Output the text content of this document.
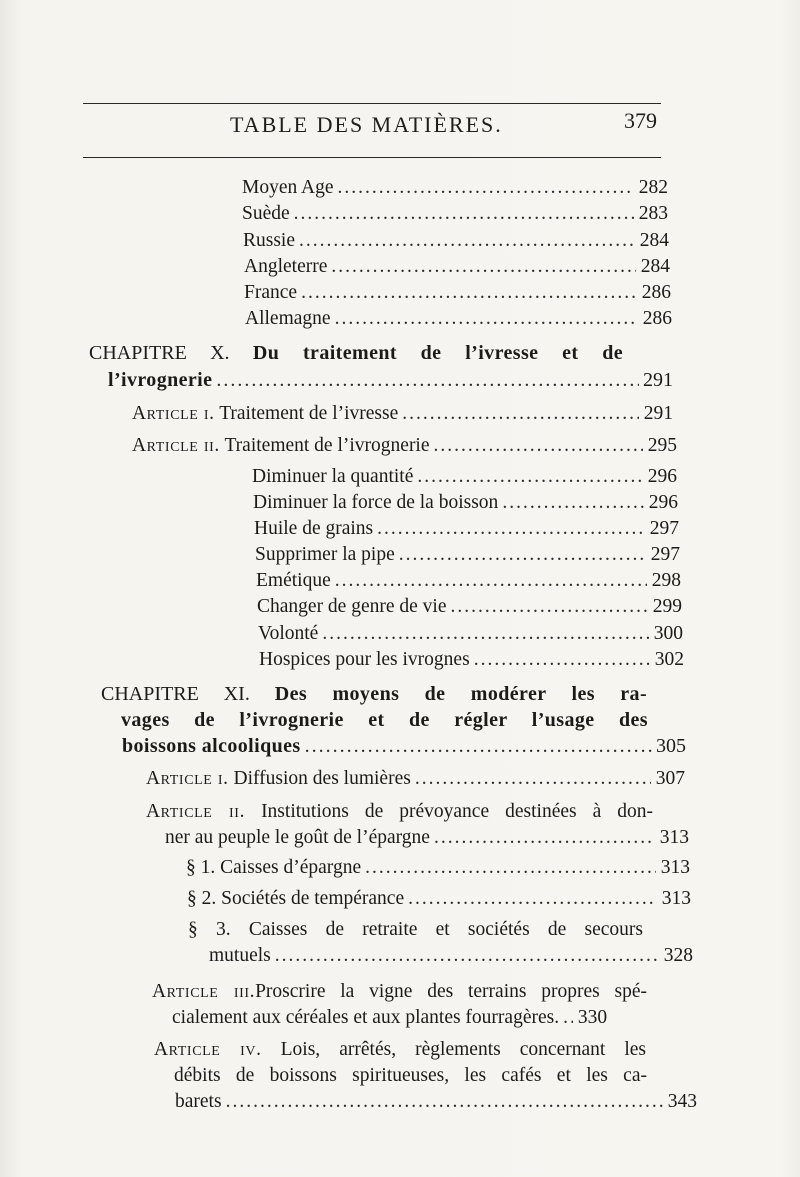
TABLE DES MATIÈRES.	379
Moyen Age .....	282
Suède .....	283
Russie .....	284
Angleterre .....	284
France .....	286
Allemagne .....	286
CHAPITRE X. Du traitement de l’ivresse et de
l’ivrognerie .....	291
Article i. Traitement de l’ivresse .....	291
Article ii. Traitement de l’ivrognerie .....	295
Diminuer la quantité .....	296
Diminuer la force de la boisson .....	296
Huile de grains .....	297
Supprimer la pipe .....	297
Emétique .....	298
Changer de genre de vie .....	299
Volonté .....	300
Hospices pour les ivrognes .....	302
CHAPITRE XI. Des moyens de modérer les ra-
vages de l’ivrognerie et de régler l’usage des
boissons alcooliques .....	305
Article i. Diffusion des lumières .....	307
Article ii. Institutions de prévoyance destinées à don-
ner au peuple le goût de l’épargne .....	313
§ 1. Caisses d’épargne .....	313
§ 2. Sociétés de tempérance .....	313
§ 3. Caisses de retraite et sociétés de secours
mutuels .....	328
Article iii.Proscrire la vigne des terrains propres spé-
cialement aux céréales et aux plantes fourragères. ..... 330
Article iv. Lois, arrêtés, règlements concernant les
débits de boissons spiritueuses, les cafés et les ca-
barets .....	343
